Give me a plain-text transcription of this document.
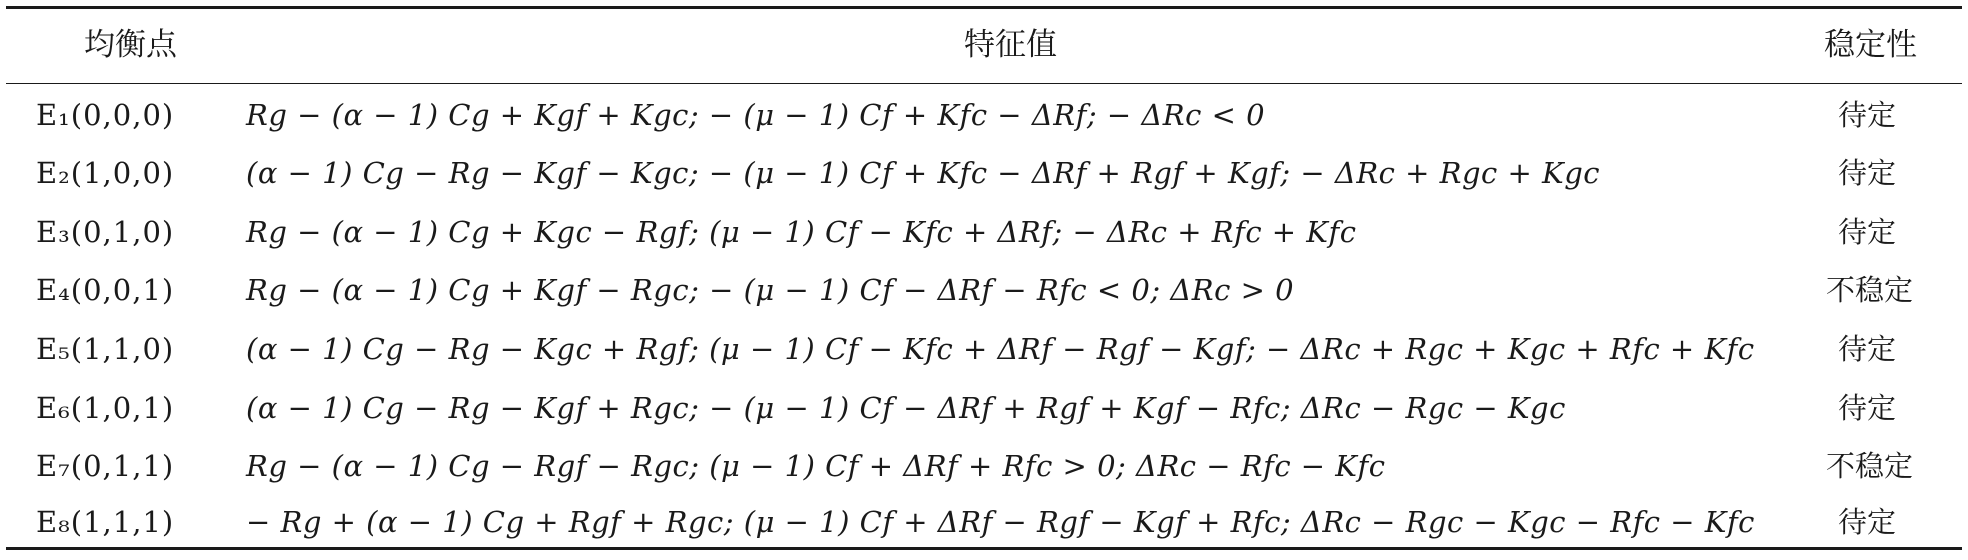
均衡点	特征值	稳定性
E₁(0,0,0) Rg − (α − 1) Cg + Kgf + Kgc; − (μ − 1) Cf + Kfc − ΔRf; − ΔRc < 0	待定
E₂(1,0,0) (α − 1) Cg − Rg − Kgf − Kgc; − (μ − 1) Cf + Kfc − ΔRf + Rgf + Kgf; − ΔRc + Rgc + Kgc	待定
E₃(0,1,0) Rg − (α − 1) Cg + Kgc − Rgf; (μ − 1) Cf − Kfc + ΔRf; − ΔRc + Rfc + Kfc	待定
E₄(0,0,1) Rg − (α − 1) Cg + Kgf − Rgc; − (μ − 1) Cf − ΔRf − Rfc < 0; ΔRc > 0	不稳定
E₅(1,1,0) (α − 1) Cg − Rg − Kgc + Rgf; (μ − 1) Cf − Kfc + ΔRf − Rgf − Kgf; − ΔRc + Rgc + Kgc + Rfc + Kfc	待定
E₆(1,0,1) (α − 1) Cg − Rg − Kgf + Rgc; − (μ − 1) Cf − ΔRf + Rgf + Kgf − Rfc; ΔRc − Rgc − Kgc	待定
E₇(0,1,1) Rg − (α − 1) Cg − Rgf − Rgc; (μ − 1) Cf + ΔRf + Rfc > 0; ΔRc − Rfc − Kfc	不稳定
E₈(1,1,1) − Rg + (α − 1) Cg + Rgf + Rgc; (μ − 1) Cf + ΔRf − Rgf − Kgf + Rfc; ΔRc − Rgc − Kgc − Rfc − Kfc	待定
